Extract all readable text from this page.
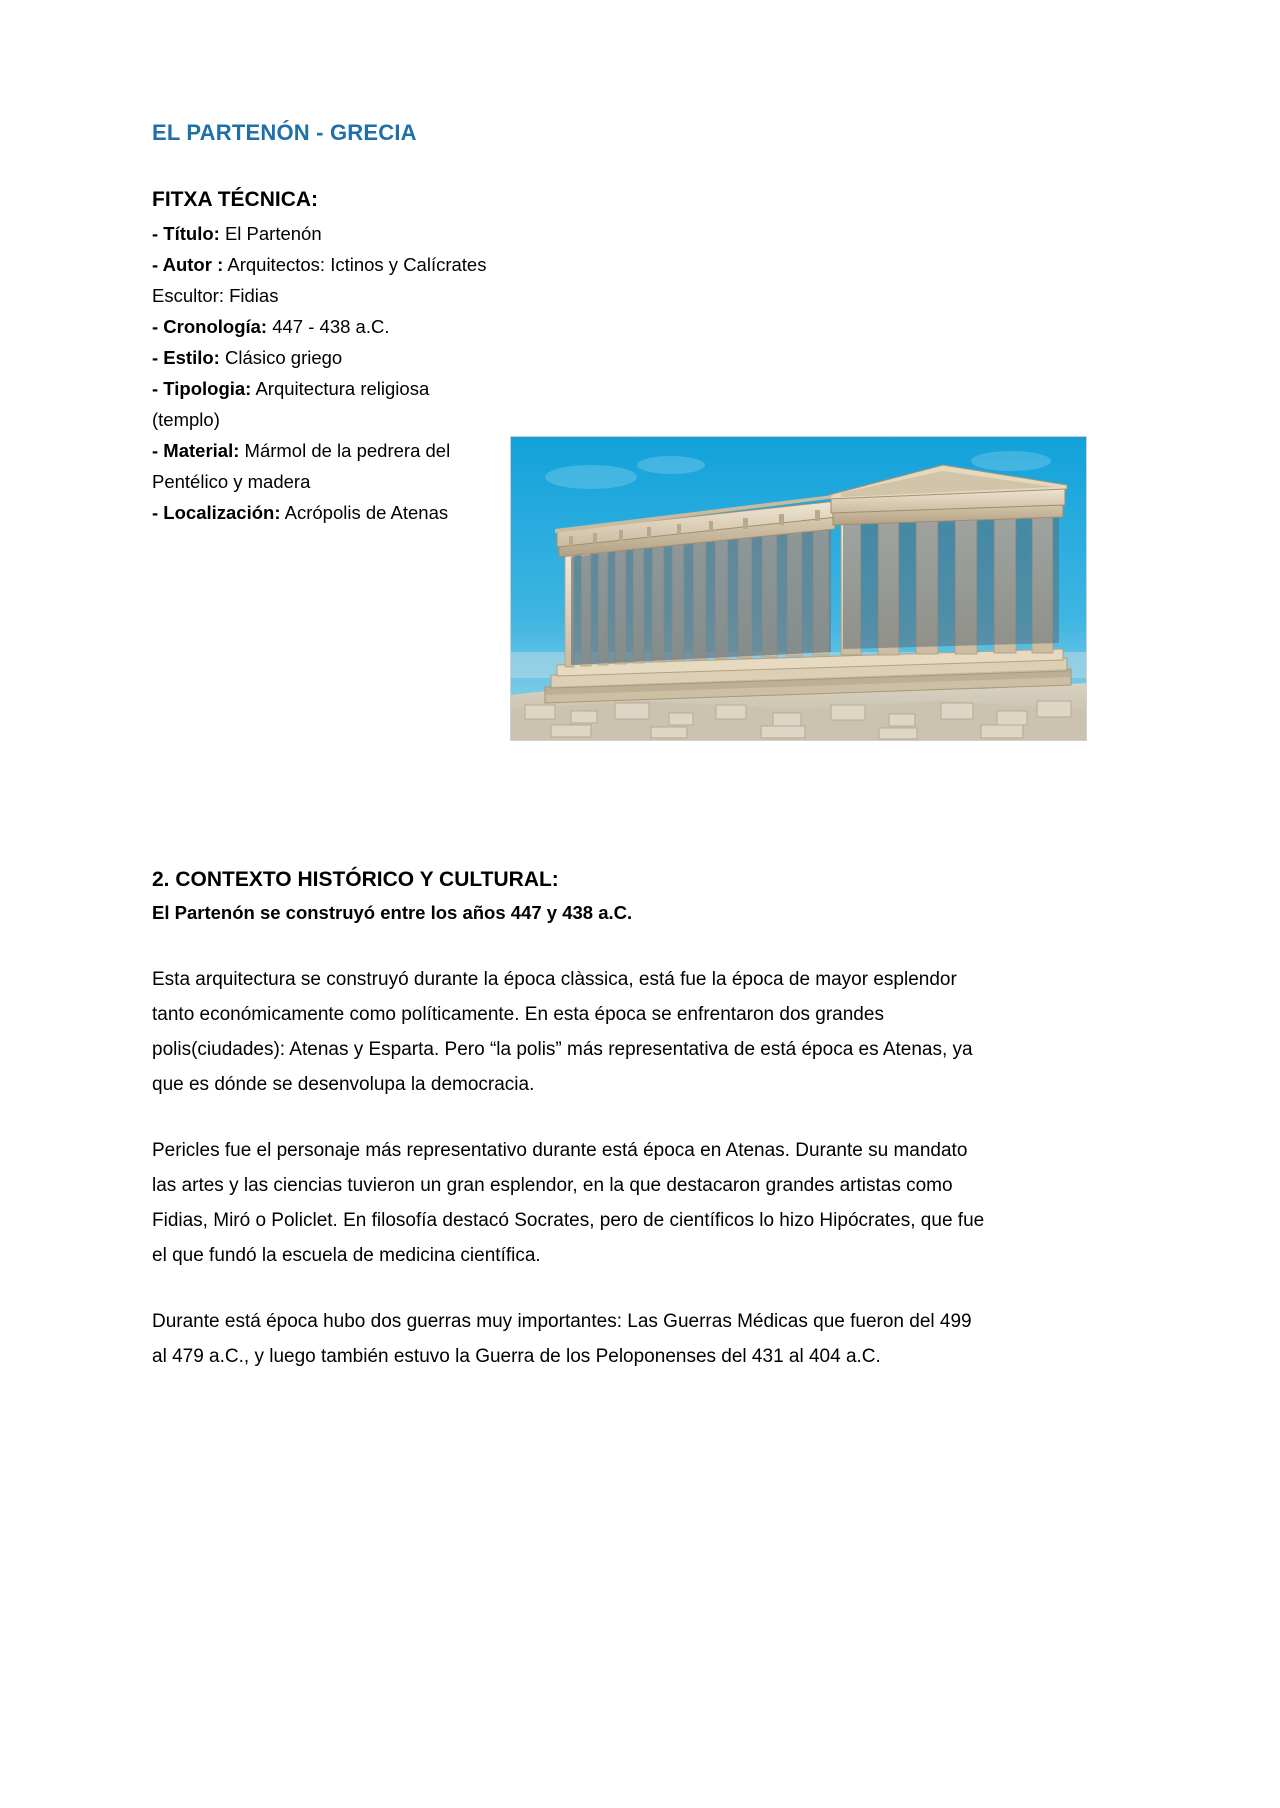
EL PARTENÓN - GRECIA
FITXA TÉCNICA:
- Título: El Partenón
- Autor : Arquitectos: Ictinos y Calícrates
Escultor: Fidias
- Cronología: 447 - 438 a.C.
- Estilo: Clásico griego
- Tipologia: Arquitectura religiosa
(templo)
- Material: Mármol de la pedrera del
Pentélico y madera
- Localización: Acrópolis de Atenas
2. CONTEXTO HISTÓRICO Y CULTURAL:
El Partenón se construyó entre los años 447 y 438 a.C.

Esta arquitectura se construyó durante la época clàssica, está fue la época de mayor esplendor tanto económicamente como políticamente. En esta época se enfrentaron dos grandes polis(ciudades): Atenas y Esparta. Pero “la polis” más representativa de está época es Atenas, ya que es dónde se desenvolupa la democracia.

Pericles fue el personaje más representativo durante está época en Atenas. Durante su mandato las artes y las ciencias tuvieron un gran esplendor, en la que destacaron grandes artistas como Fidias, Miró o Policlet. En filosofía destacó Socrates, pero de científicos lo hizo Hipócrates, que fue el que fundó la escuela de medicina científica.

Durante está época hubo dos guerras muy importantes: Las Guerras Médicas que fueron del 499 al 479 a.C., y luego también estuvo la Guerra de los Peloponenses del 431 al 404 a.C.
